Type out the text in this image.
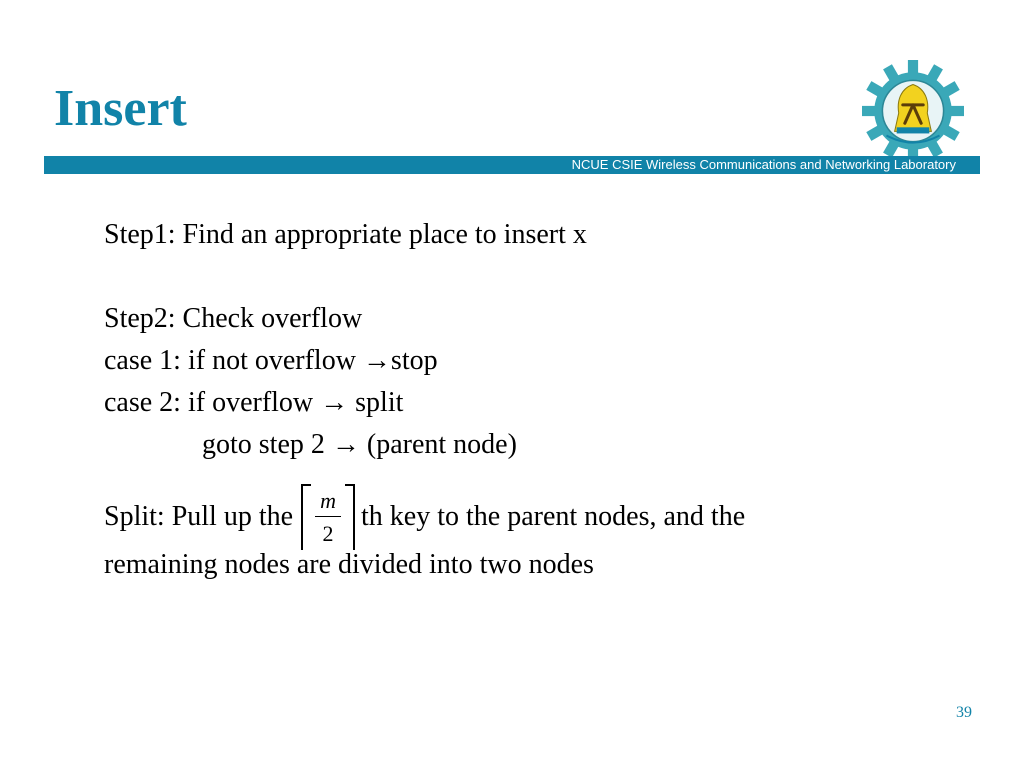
Insert
NCUE CSIE Wireless Communications and Networking Laboratory
Step1: Find an appropriate place to insert x
Step2: Check overflow
case 1: if not overflow →stop
case 2: if overflow → split
goto step 2 → (parent node)
Split: Pull up the
m
2
th key to the parent nodes, and the
remaining nodes are divided into two nodes
39
